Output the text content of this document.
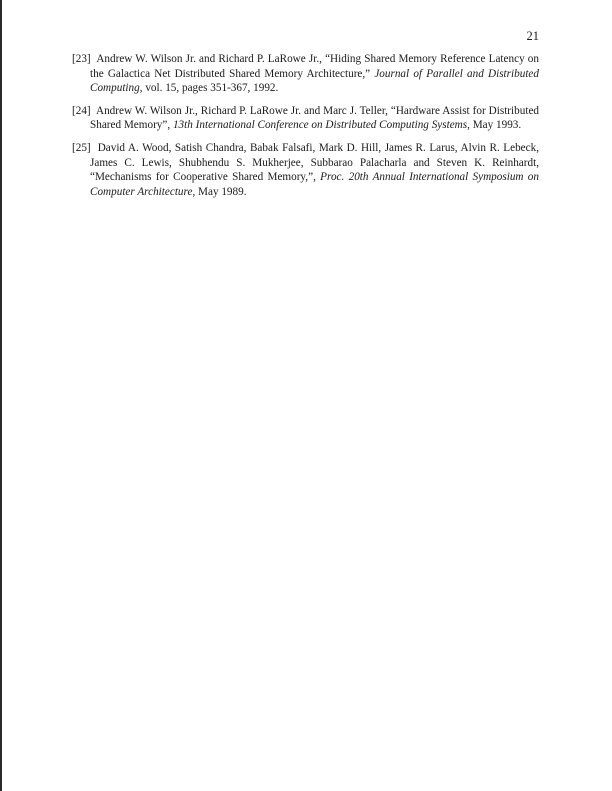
21

[23] Andrew W. Wilson Jr. and Richard P. LaRowe Jr., “Hiding Shared Memory Reference Latency on the Galactica Net Distributed Shared Memory Architecture,” Journal of Parallel and Distributed Computing, vol. 15, pages 351-367, 1992.

[24] Andrew W. Wilson Jr., Richard P. LaRowe Jr. and Marc J. Teller, “Hardware Assist for Distributed Shared Memory”, 13th International Conference on Distributed Computing Systems, May 1993.

[25] David A. Wood, Satish Chandra, Babak Falsafi, Mark D. Hill, James R. Larus, Alvin R. Lebeck, James C. Lewis, Shubhendu S. Mukherjee, Subbarao Palacharla and Steven K. Reinhardt, “Mechanisms for Cooperative Shared Memory,”, Proc. 20th Annual International Symposium on Computer Architecture, May 1989.
